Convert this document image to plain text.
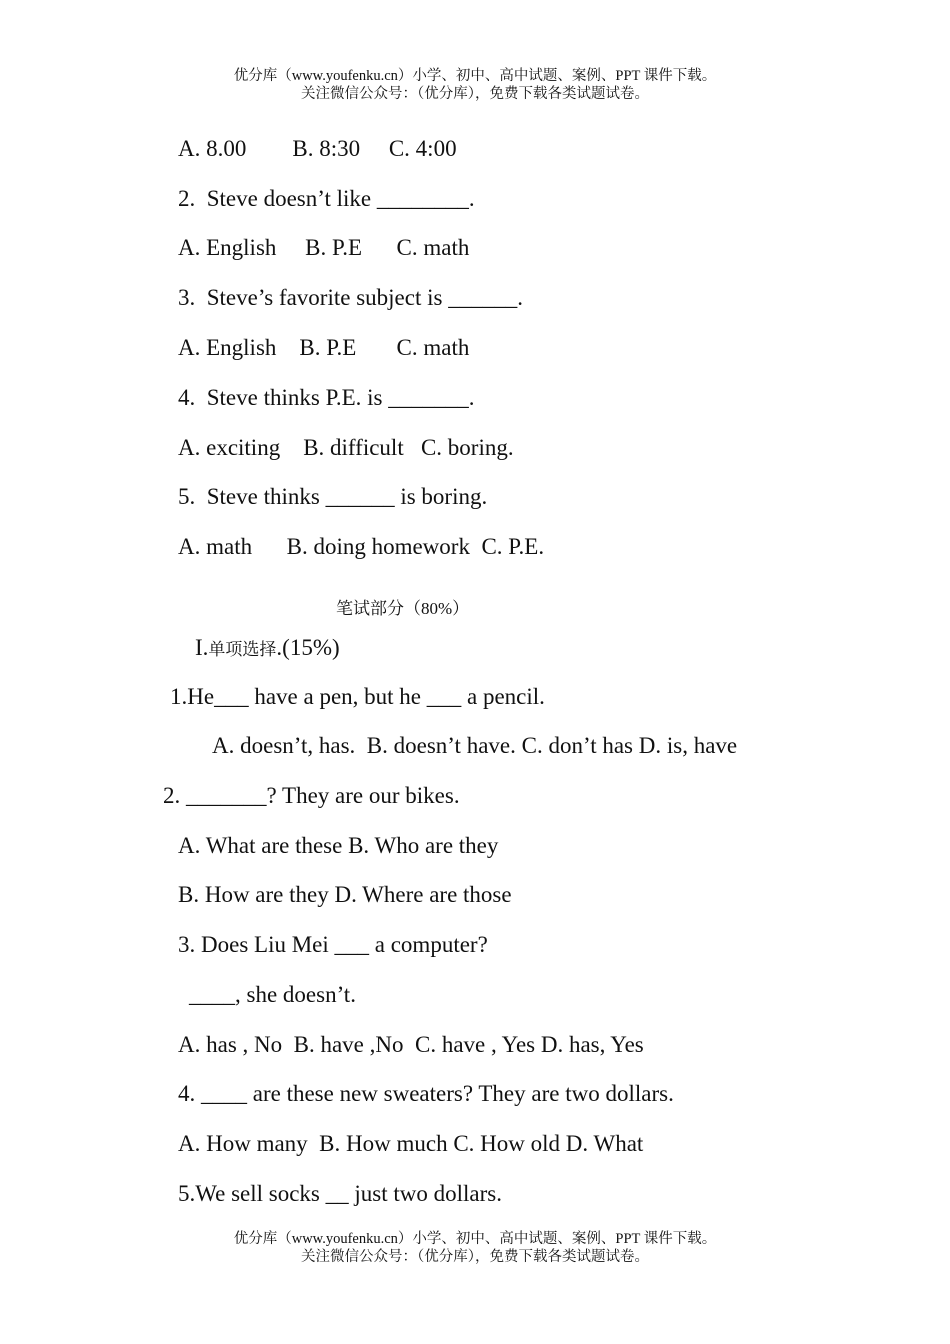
优分库（www.youfenku.cn）小学、初中、高中试题、案例、PPT 课件下载。
关注微信公众号：（优分库），免费下载各类试题试卷。
A. 8.00        B. 8:30     C. 4:00
2.  Steve doesn’t like ________.
A. English     B. P.E      C. math
3.  Steve’s favorite subject is ______.
A. English    B. P.E       C. math
4.  Steve thinks P.E. is _______.
A. exciting    B. difficult   C. boring.
5.  Steve thinks ______ is boring.
A. math      B. doing homework  C. P.E.
笔试部分（80%）
I.单项选择.(15%)
1.He___ have a pen, but he ___ a pencil.
A. doesn’t, has.  B. doesn’t have. C. don’t has D. is, have
2. _______? They are our bikes.
A. What are these B. Who are they
B. How are they D. Where are those
3. Does Liu Mei ___ a computer?
____, she doesn’t.
A. has , No  B. have ,No  C. have , Yes D. has, Yes
4. ____ are these new sweaters? They are two dollars.
A. How many  B. How much C. How old D. What
5.We sell socks __ just two dollars.
优分库（www.youfenku.cn）小学、初中、高中试题、案例、PPT 课件下载。
关注微信公众号：（优分库），免费下载各类试题试卷。
